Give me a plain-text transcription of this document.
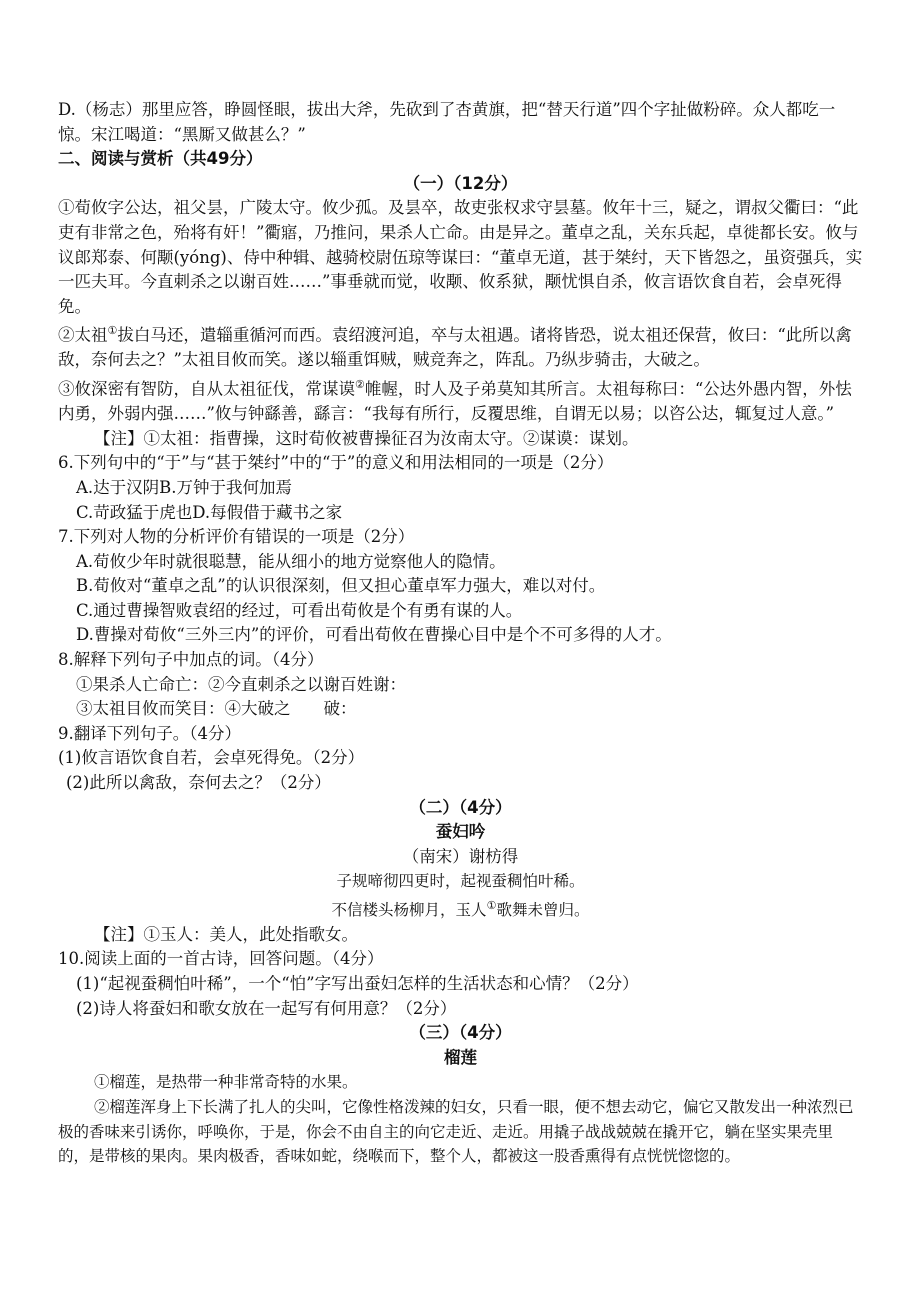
D.（杨志）那里应答，睁圆怪眼，拔出大斧，先砍到了杏黄旗，把“替天行道”四个字扯做粉碎。众人都吃一惊。宋江喝道：“黑厮又做甚么？”
二、阅读与赏析（共49分）
（一）（12分）
①荀攸字公达，祖父昙，广陵太守。攸少孤。及昙卒，故吏张权求守昙墓。攸年十三，疑之，谓叔父衢曰：“此吏有非常之色，殆将有奸！”衢寤，乃推问，果杀人亡命。由是异之。董卓之乱，关东兵起，卓徙都长安。攸与议郎郑泰、何颙(yóng)、侍中种辑、越骑校尉伍琼等谋曰：“董卓无道，甚于桀纣，天下皆怨之，虽资强兵，实一匹夫耳。今直刺杀之以谢百姓……”事垂就而觉，收颙、攸系狱，颙忧惧自杀，攸言语饮食自若，会卓死得免。
②太祖①拔白马还，遣辎重循河而西。袁绍渡河追，卒与太祖遇。诸将皆恐，说太祖还保营，攸曰：“此所以禽敌，奈何去之？”太祖目攸而笑。遂以辎重饵贼，贼竞奔之，阵乱。乃纵步骑击，大破之。
③攸深密有智防，自从太祖征伐，常谋谟②帷幄，时人及子弟莫知其所言。太祖每称曰：“公达外愚内智，外怯内勇，外弱内强……”攸与钟繇善，繇言：“我每有所行，反覆思维，自谓无以易；以咨公达，辄复过人意。”
【注】①太祖：指曹操，这时荀攸被曹操征召为汝南太守。②谋谟：谋划。
6.下列句中的“于”与“甚于桀纣”中的“于”的意义和用法相同的一项是（2分）
A.达于汉阴B.万钟于我何加焉
C.苛政猛于虎也D.每假借于藏书之家
7.下列对人物的分析评价有错误的一项是（2分）
A.荀攸少年时就很聪慧，能从细小的地方觉察他人的隐情。
B.荀攸对“董卓之乱”的认识很深刻，但又担心董卓军力强大，难以对付。
C.通过曹操智败袁绍的经过，可看出荀攸是个有勇有谋的人。
D.曹操对荀攸“三外三内”的评价，可看出荀攸在曹操心目中是个不可多得的人才。
8.解释下列句子中加点的词。（4分）
①果杀人亡命亡：②今直刺杀之以谢百姓谢：
③太祖目攸而笑目：④大破之　　破：
9.翻译下列句子。（4分）
(1)攸言语饮食自若，会卓死得免。（2分）
(2)此所以禽敌，奈何去之？（2分）
（二）（4分）
蚕妇吟
（南宋）谢枋得
子规啼彻四更时，起视蚕稠怕叶稀。
不信楼头杨柳月，玉人①歌舞未曾归。
【注】①玉人：美人，此处指歌女。
10.阅读上面的一首古诗，回答问题。（4分）
(1)“起视蚕稠怕叶稀”，一个“怕”字写出蚕妇怎样的生活状态和心情？（2分）
(2)诗人将蚕妇和歌女放在一起写有何用意？（2分）
（三）（4分）
榴莲
①榴莲，是热带一种非常奇特的水果。
②榴莲浑身上下长满了扎人的尖叫，它像性格泼辣的妇女，只看一眼，便不想去动它，偏它又散发出一种浓烈已极的香味来引诱你，呼唤你，于是，你会不由自主的向它走近、走近。用撬子战战兢兢在撬开它，躺在坚实果壳里的，是带核的果肉。果肉极香，香味如蛇，绕喉而下，整个人，都被这一股香熏得有点恍恍惚惚的。
